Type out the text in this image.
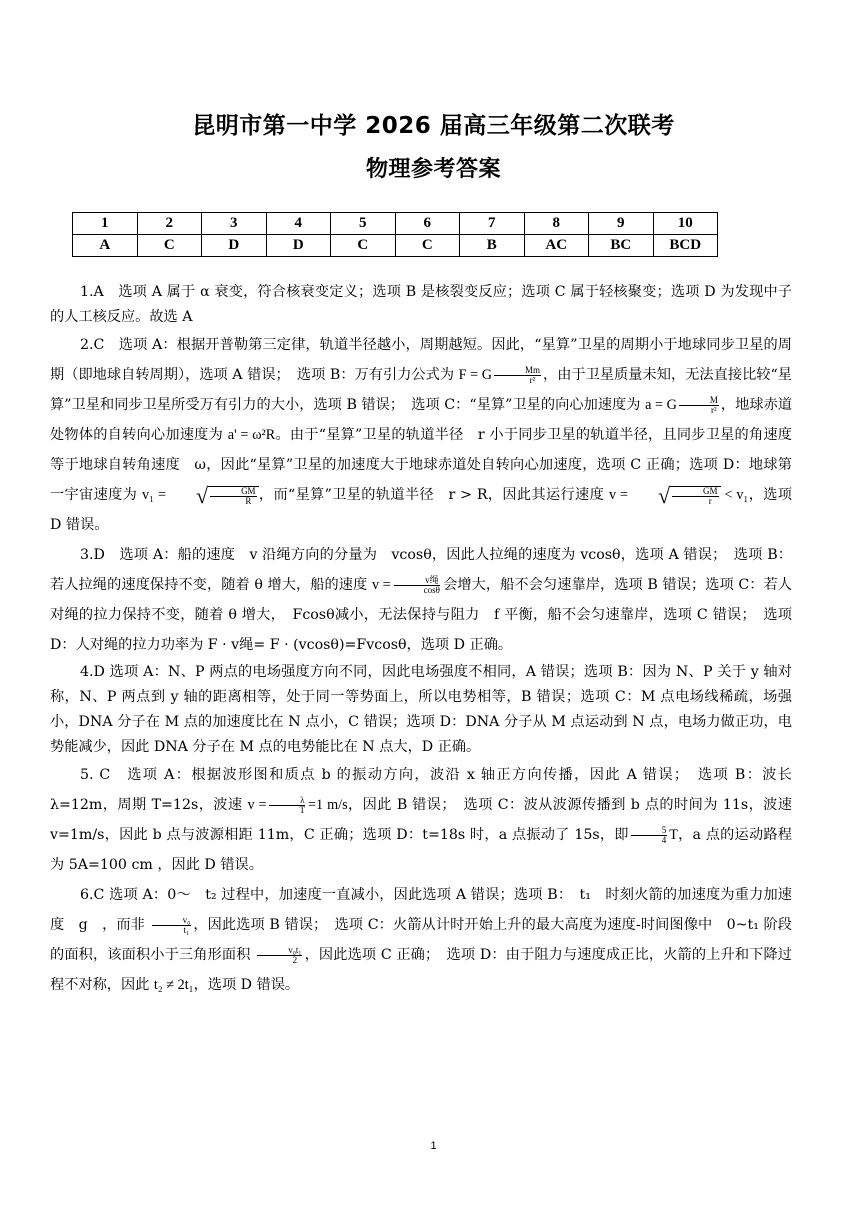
昆明市第一中学 2026 届高三年级第二次联考
物理参考答案
1	2	3	4	5	6	7	8	9	10
A	C	D	D	C	C	B	AC	BC	BCD

1.A　选项 A 属于 α 衰变，符合核衰变定义；选项 B 是核裂变反应；选项 C 属于轻核聚变；选项 D 为发现中子的人工核反应。故选 A

2.C　选项 A：根据开普勒第三定律，轨道半径越小，周期越短。因此，“星算”卫星的周期小于地球同步卫星的周期（即地球自转周期），选项 A 错误；　选项 B：万有引力公式为 F = G $\frac{Mm}{\text{r²}}$ ，由于卫星质量未知，无法直接比较“星算”卫星和同步卫星所受万有引力的大小，选项 B 错误；　选项 C：“星算”卫星的向心加速度为 a = G $\frac{M}{\text{r²}}$ ，地球赤道处物体的自转向心加速度为 a' = ω²R。由于“星算”卫星的轨道半径　r 小于同步卫星的轨道半径，且同步卫星的角速度等于地球自转角速度　ω，因此“星算”卫星的加速度大于地球赤道处自转向心加速度，选项 C 正确；选项 D：地球第一宇宙速度为 v₁ =	√ $\frac{GM}{R}$ ，而“星算”卫星的轨道半径　r > R，因此其运行速度 v =	√ $\frac{GM}{r} < v_1$，选项 D 错误。

3.D　选项 A：船的速度　v 沿绳方向的分量为　vcosθ，因此人拉绳的速度为 vcosθ，选项 A 错误；　选项 B：若人拉绳的速度保持不变，随着 θ 增大，船的速度 $v = \frac{\text{v绳}}{\cos\theta}$ 会增大，船不会匀速靠岸，选项 B 错误；选项 C：若人对绳的拉力保持不变，随着 θ 增大，　Fcosθ减小，无法保持与阻力　f 平衡，船不会匀速靠岸，选项 C 错误；　选项 D：人对绳的拉力功率为 F · v绳= F · (vcosθ)=Fvcosθ，选项 D 正确。

4.D 选项 A：N、P 两点的电场强度方向不同，因此电场强度不相同，A 错误；选项 B：因为 N、P 关于 y 轴对称，N、P 两点到 y 轴的距离相等，处于同一等势面上，所以电势相等，B 错误；选项 C：M 点电场线稀疏，场强小，DNA 分子在 M 点的加速度比在 N 点小，C 错误；选项 D：DNA 分子从 M 点运动到 N 点，电场力做正功，电势能减少，因此 DNA 分子在 M 点的电势能比在 N 点大，D 正确。

5. C　选项 A：根据波形图和质点 b 的振动方向，波沿 x 轴正方向传播，因此 A 错误；　选项 B：波长 λ=12m，周期 T=12s，波速 $v = \frac{\lambda}{T} =1$ m/s，因此 B 错误；　选项 C：波从波源传播到 b 点的时间为 11s，波速 v=1m/s，因此 b 点与波源相距 11m，C 正确；选项 D：t=18s 时，a 点振动了 15s，即 $\frac{5}{4}$ T，a 点的运动路程为 5A=100 cm ，因此 D 错误。

6.C 选项 A：0～　t₂ 过程中，加速度一直减小，因此选项 A 错误；选项 B：　t₁　时刻火箭的加速度为重力加速度　g　，而非 $\frac{\text{v₀}}{\text{t₁}}$ ，因此选项 B 错误；　选项 C：火箭从计时开始上升的最大高度为速度-时间图像中　0~t₁ 阶段的面积，该面积小于三角形面积 $\frac{\text{v₀t₁}}{2}$ ，因此选项 C 正确；　选项 D：由于阻力与速度成正比，火箭的上升和下降过程不对称，因此 t₂ ≠ 2t₁，选项 D 错误。

1
